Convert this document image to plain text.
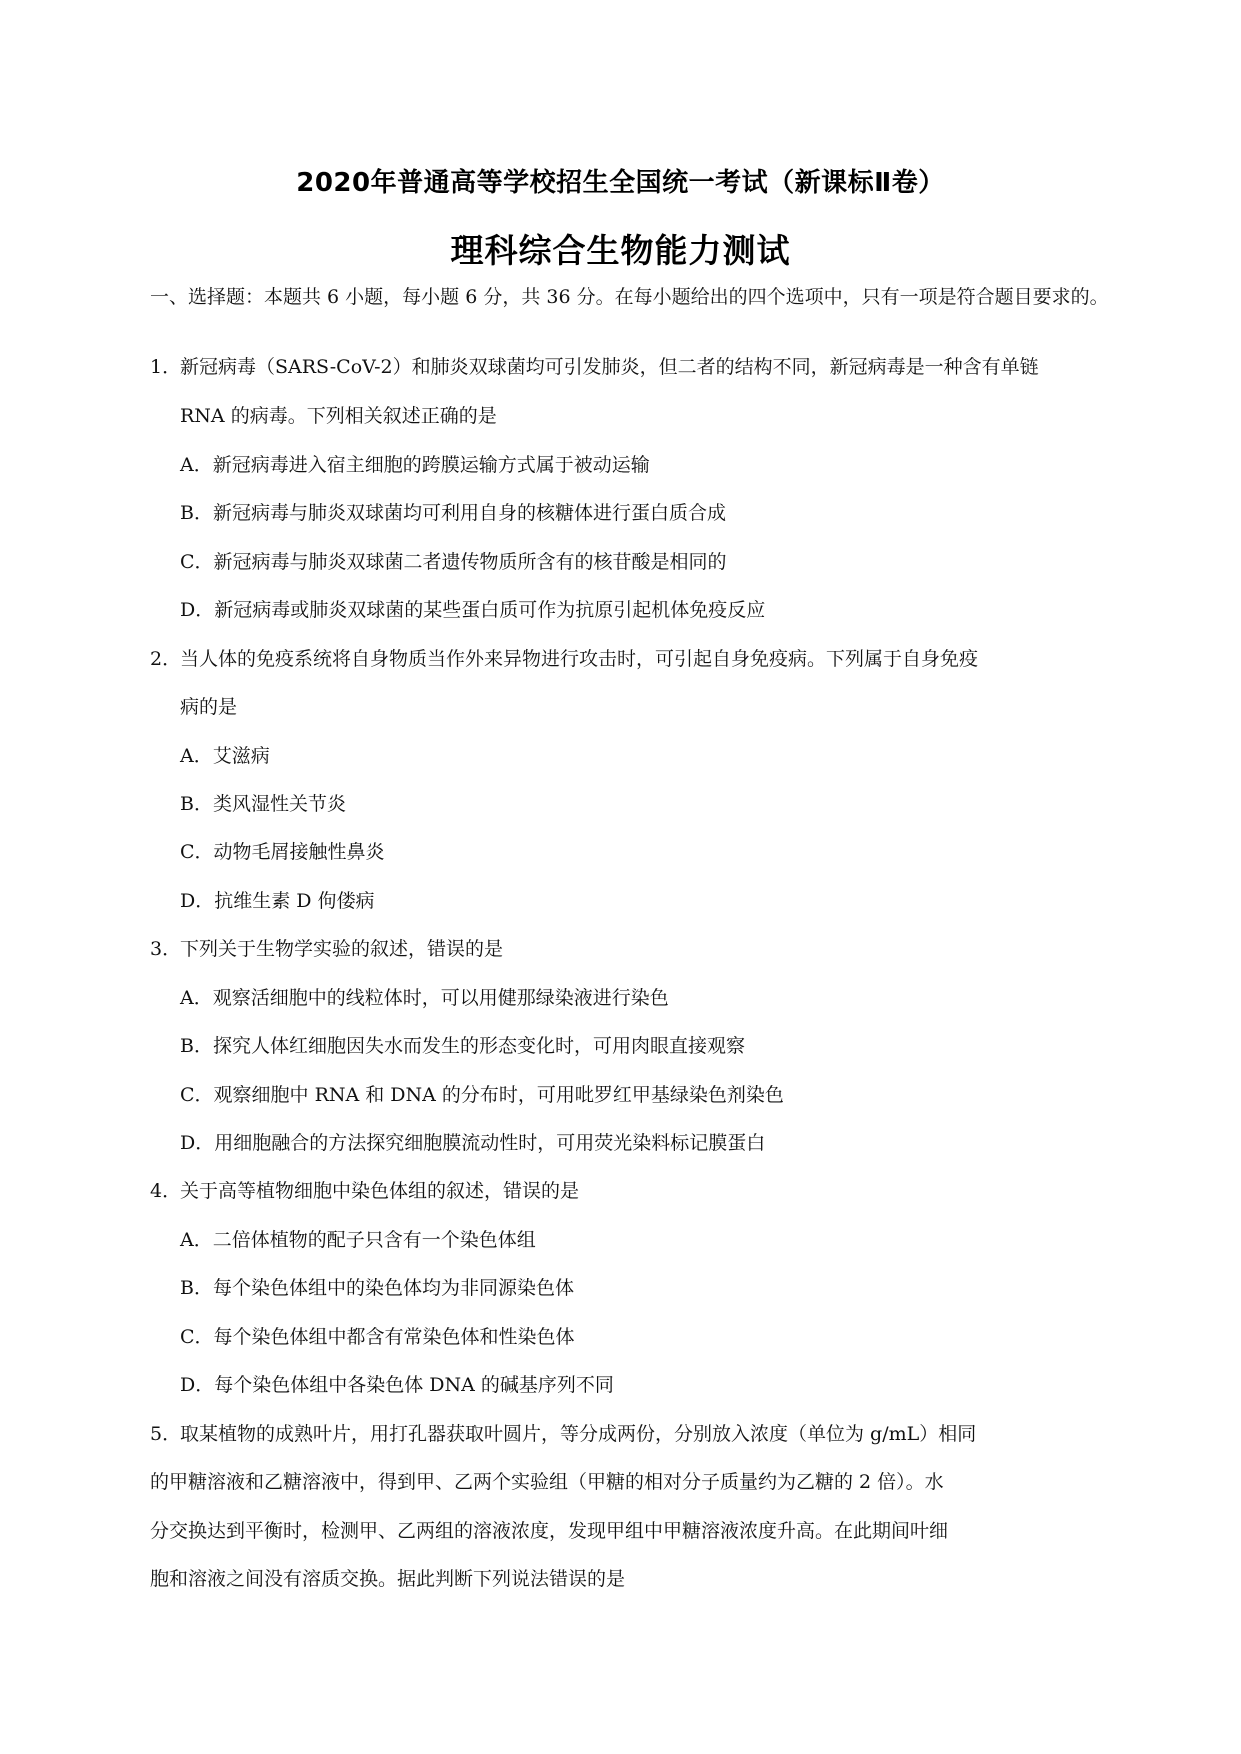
2020年普通高等学校招生全国统一考试（新课标Ⅱ卷）
理科综合生物能力测试
一、选择题：本题共 6 小题，每小题 6 分，共 36 分。在每小题给出的四个选项中，只有一项是符合题目要求的。
1．
新冠病毒（SARS-CoV-2）和肺炎双球菌均可引发肺炎，但二者的结构不同，新冠病毒是一种含有单链
RNA 的病毒。下列相关叙述正确的是
A．新冠病毒进入宿主细胞的跨膜运输方式属于被动运输
B．新冠病毒与肺炎双球菌均可利用自身的核糖体进行蛋白质合成
C．新冠病毒与肺炎双球菌二者遗传物质所含有的核苷酸是相同的
D．新冠病毒或肺炎双球菌的某些蛋白质可作为抗原引起机体免疫反应
2．
当人体的免疫系统将自身物质当作外来异物进行攻击时，可引起自身免疫病。下列属于自身免疫
病的是
A．艾滋病
B．类风湿性关节炎
C．动物毛屑接触性鼻炎
D．抗维生素 D 佝偻病
3．
下列关于生物学实验的叙述，错误的是
A．观察活细胞中的线粒体时，可以用健那绿染液进行染色
B．探究人体红细胞因失水而发生的形态变化时，可用肉眼直接观察
C．观察细胞中 RNA 和 DNA 的分布时，可用吡罗红甲基绿染色剂染色
D．用细胞融合的方法探究细胞膜流动性时，可用荧光染料标记膜蛋白
4．
关于高等植物细胞中染色体组的叙述，错误的是
A．二倍体植物的配子只含有一个染色体组
B．每个染色体组中的染色体均为非同源染色体
C．每个染色体组中都含有常染色体和性染色体
D．每个染色体组中各染色体 DNA 的碱基序列不同
5．
取某植物的成熟叶片，用打孔器获取叶圆片，等分成两份，分别放入浓度（单位为 g/mL）相同
的甲糖溶液和乙糖溶液中，得到甲、乙两个实验组（甲糖的相对分子质量约为乙糖的 2 倍）。水
分交换达到平衡时，检测甲、乙两组的溶液浓度，发现甲组中甲糖溶液浓度升高。在此期间叶细
胞和溶液之间没有溶质交换。据此判断下列说法错误的是
